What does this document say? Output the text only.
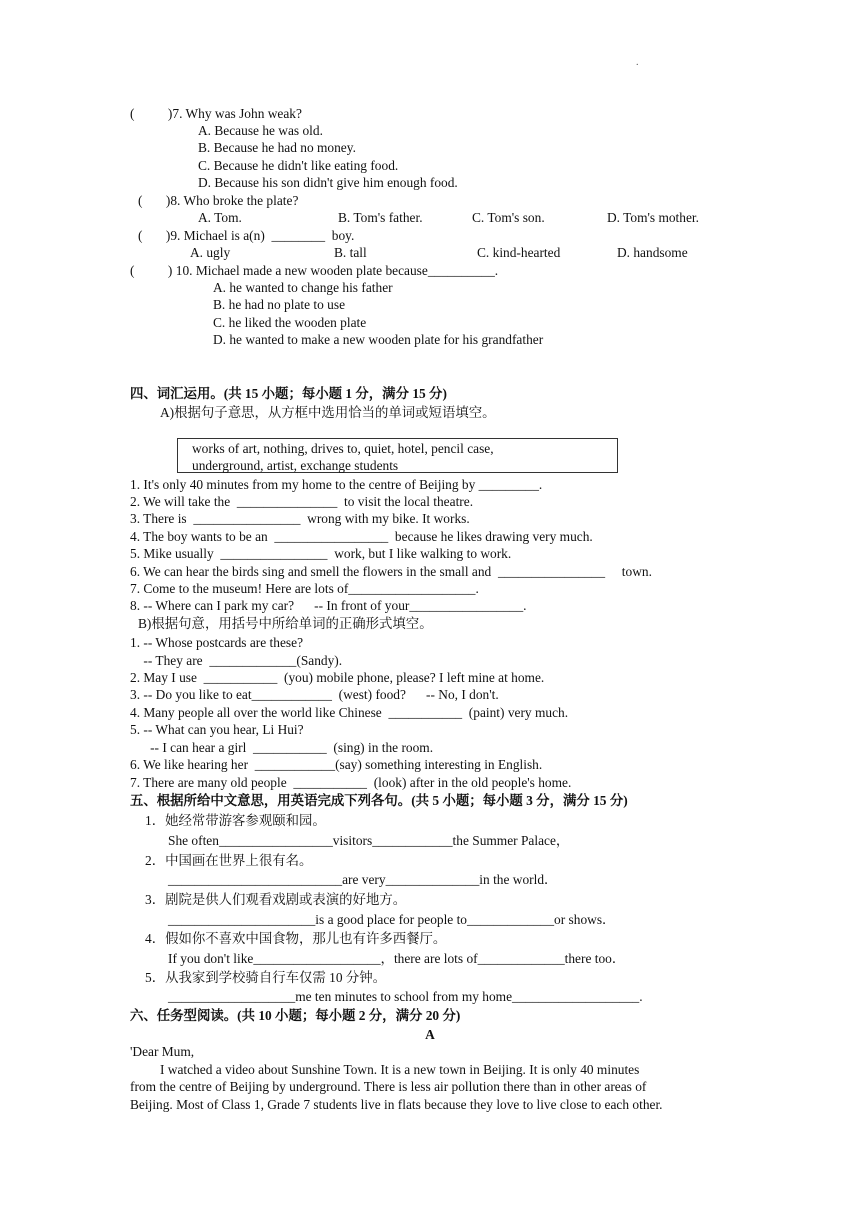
.
(          )7. Why was John weak?
A. Because he was old.
B. Because he had no money.
C. Because he didn't like eating food.
D. Because his son didn't give him enough food.
(       )8. Who broke the plate?
A. Tom.	B. Tom's father.	C. Tom's son.	D. Tom's mother.
(       )9. Michael is a(n)  ________  boy.
A. ugly	B. tall	C. kind-hearted	D. handsome
(          ) 10. Michael made a new wooden plate because__________.
A. he wanted to change his father
B. he had no plate to use
C. he liked the wooden plate
D. he wanted to make a new wooden plate for his grandfather
四、词汇运用。(共 15 小题；每小题 1 分，满分 15 分)
A)根据句子意思，从方框中选用恰当的单词或短语填空。
works of art, nothing, drives to, quiet, hotel, pencil case,
underground, artist, exchange students
1. It's only 40 minutes from my home to the centre of Beijing by _________.
2. We will take the  _______________  to visit the local theatre.
3. There is  ________________  wrong with my bike. It works.
4. The boy wants to be an  _________________  because he likes drawing very much.
5. Mike usually  ________________  work, but I like walking to work.
6. We can hear the birds sing and smell the flowers in the small and  ________________     town.
7. Come to the museum! Here are lots of___________________.
8. -- Where can I park my car?      -- In front of your_________________.
B)根据句意，用括号中所给单词的正确形式填空。
1. -- Whose postcards are these?
-- They are  _____________(Sandy).
2. May I use  ___________  (you) mobile phone, please? I left mine at home.
3. -- Do you like to eat____________  (west) food?      -- No, I don't.
4. Many people all over the world like Chinese  ___________  (paint) very much.
5. -- What can you hear, Li Hui?
-- I can hear a girl  ___________  (sing) in the room.
6. We like hearing her  ____________(say) something interesting in English.
7. There are many old people  ___________  (look) after in the old people's home.
五、根据所给中文意思，用英语完成下列各句。(共 5 小题；每小题 3 分，满分 15 分)
1．她经常带游客参观颐和园。
She often_________________visitors____________the Summer Palace，
2．中国画在世界上很有名。
__________________________are very______________in the world．
3．剧院是供人们观看戏剧或表演的好地方。
______________________is a good place for people to_____________or shows．
4．假如你不喜欢中国食物，那儿也有许多西餐厅。
If you don't like___________________，there are lots of_____________there too．
5．从我家到学校骑自行车仅需 10 分钟。
___________________me ten minutes to school from my home___________________.
六、任务型阅读。(共 10 小题；每小题 2 分，满分 20 分)
A
'Dear Mum,
I watched a video about Sunshine Town. It is a new town in Beijing. It is only 40 minutes
from the centre of Beijing by underground. There is less air pollution there than in other areas of
Beijing. Most of Class 1, Grade 7 students live in flats because they love to live close to each other.
